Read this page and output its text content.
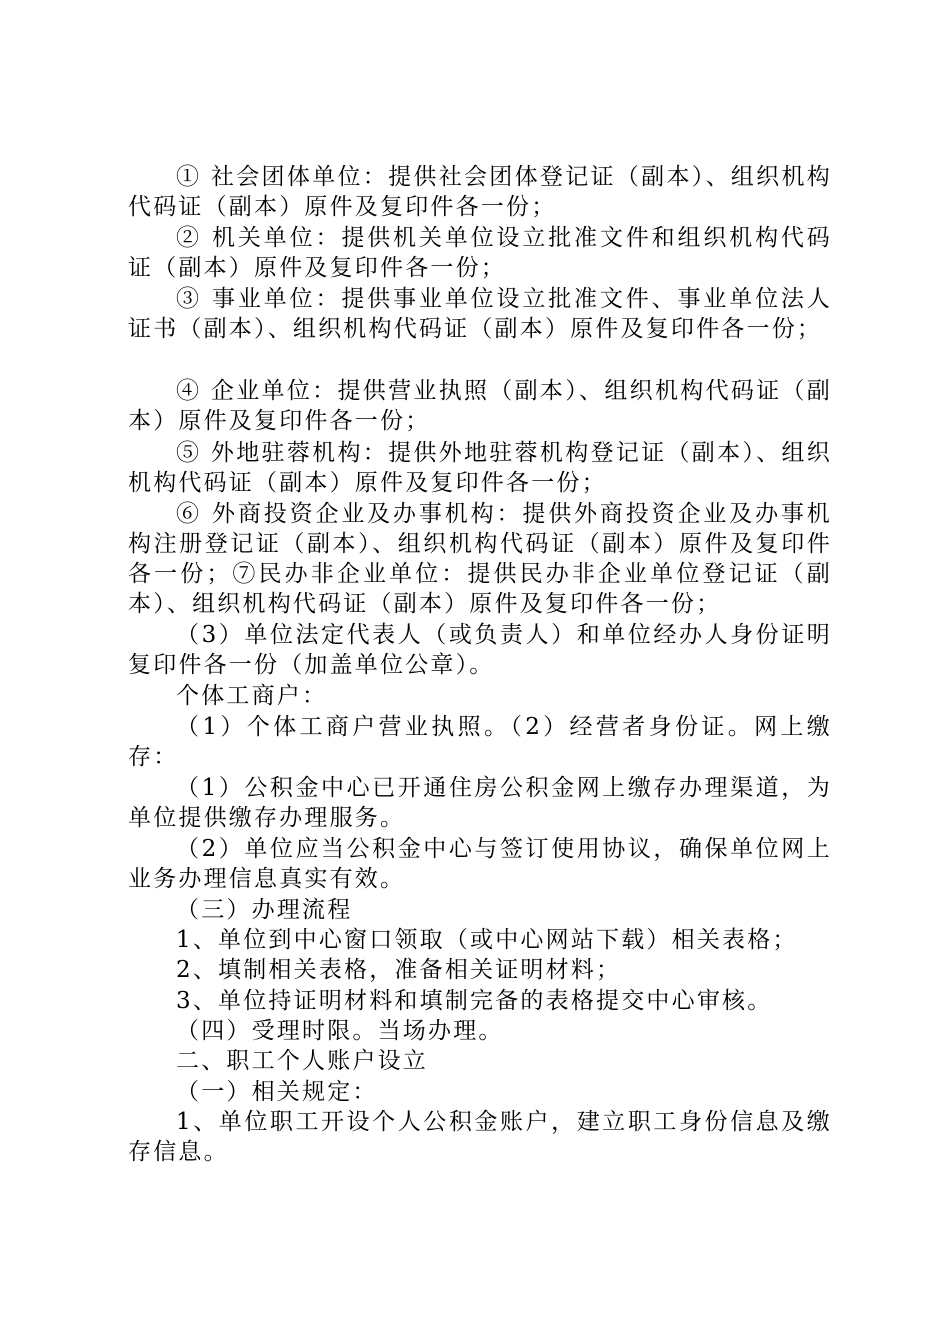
① 社会团体单位：提供社会团体登记证（副本）、组织机构代码证（副本）原件及复印件各一份；

② 机关单位：提供机关单位设立批准文件和组织机构代码证（副本）原件及复印件各一份；

③ 事业单位：提供事业单位设立批准文件、事业单位法人证书（副本）、组织机构代码证（副本）原件及复印件各一份；

④ 企业单位：提供营业执照（副本）、组织机构代码证（副本）原件及复印件各一份；

⑤ 外地驻蓉机构：提供外地驻蓉机构登记证（副本）、组织机构代码证（副本）原件及复印件各一份；

⑥ 外商投资企业及办事机构：提供外商投资企业及办事机构注册登记证（副本）、组织机构代码证（副本）原件及复印件各一份；⑦民办非企业单位：提供民办非企业单位登记证（副本）、组织机构代码证（副本）原件及复印件各一份；

（3）单位法定代表人（或负责人）和单位经办人身份证明复印件各一份（加盖单位公章）。

个体工商户：

（1）个体工商户营业执照。（2）经营者身份证。网上缴存：

（1）公积金中心已开通住房公积金网上缴存办理渠道，为单位提供缴存办理服务。

（2）单位应当公积金中心与签订使用协议，确保单位网上业务办理信息真实有效。

（三）办理流程

1、单位到中心窗口领取（或中心网站下载）相关表格；

2、填制相关表格，准备相关证明材料；

3、单位持证明材料和填制完备的表格提交中心审核。

（四）受理时限。当场办理。

二、职工个人账户设立

（一）相关规定：

1、单位职工开设个人公积金账户，建立职工身份信息及缴存信息。
